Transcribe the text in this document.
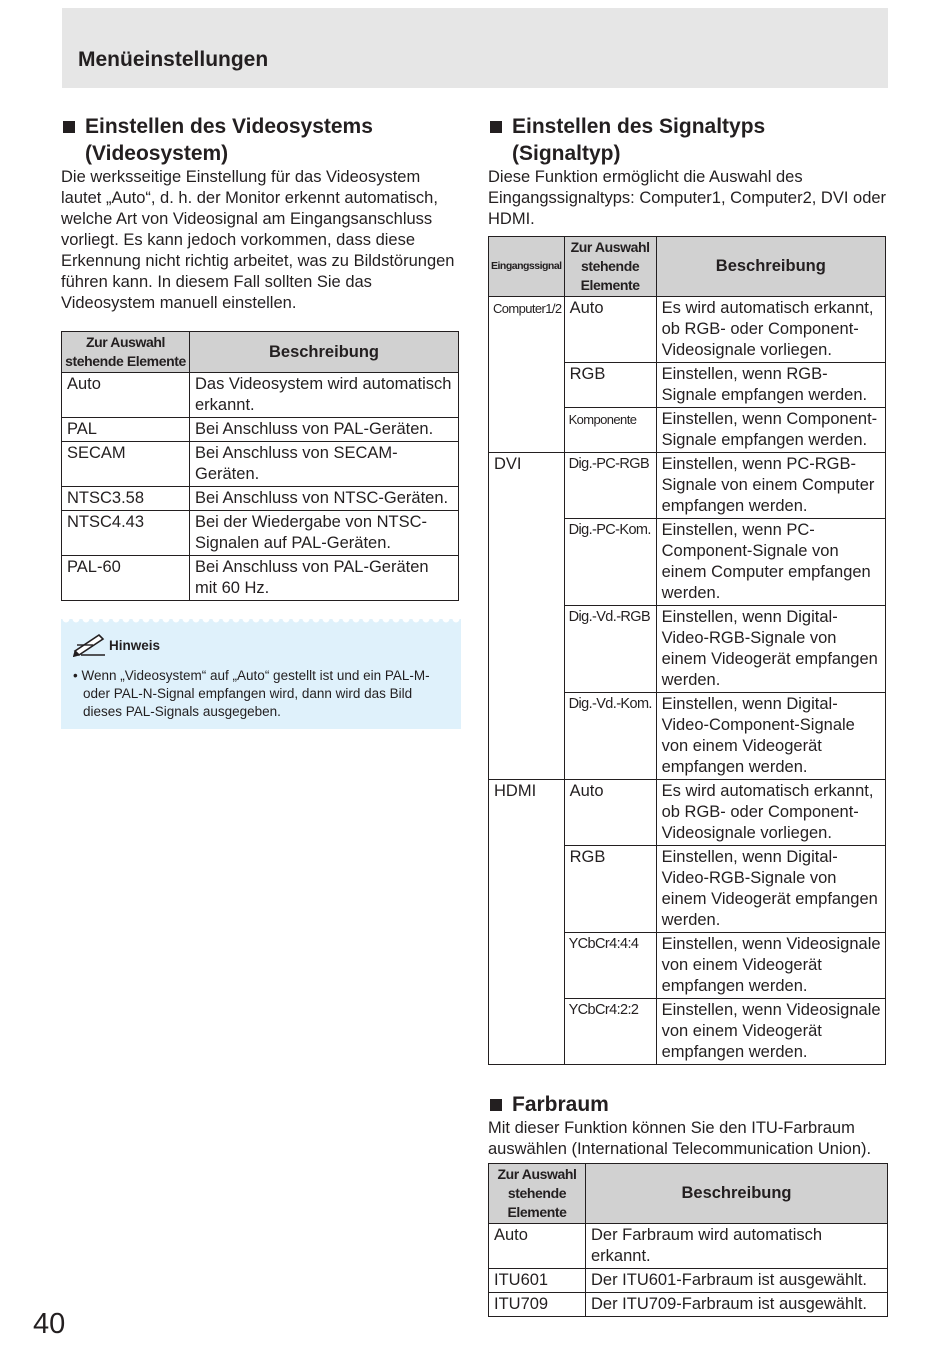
Menüeinstellungen
Einstellen des Videosystems
(Videosystem)

Die werksseitige Einstellung für das Videosystem lautet „Auto“, d. h. der Monitor erkennt automatisch, welche Art von Videosignal am Eingangsanschluss vorliegt. Es kann jedoch vorkommen, dass diese Erkennung nicht richtig arbeitet, was zu Bildstörungen führen kann. In diesem Fall sollten Sie das Videosystem manuell einstellen.

Zur Auswahl stehende Elemente	Beschreibung
Auto	Das Videosystem wird automatisch erkannt.
PAL	Bei Anschluss von PAL-Geräten.
SECAM	Bei Anschluss von SECAM-Geräten.
NTSC3.58	Bei Anschluss von NTSC-Geräten.
NTSC4.43	Bei der Wiedergabe von NTSC-Signalen auf PAL-Geräten.
PAL-60	Bei Anschluss von PAL-Geräten mit 60 Hz.
Hinweis

• Wenn „Videosystem“ auf „Auto“ gestellt ist und ein PAL-M- oder PAL-N-Signal empfangen wird, dann wird das Bild dieses PAL-Signals ausgegeben.

Einstellen des Signaltyps
(Signaltyp)

Diese Funktion ermöglicht die Auswahl des Eingangssignaltyps: Computer1, Computer2, DVI oder HDMI.

Eingangssignal	Zur Auswahl stehende Elemente	Beschreibung
Computer1/2	Auto	Es wird automatisch erkannt, ob RGB- oder Component-Videosignale vorliegen.
	RGB	Einstellen, wenn RGB-Signale empfangen werden.
	Komponente	Einstellen, wenn Component-Signale empfangen werden.
DVI	Dig.-PC-RGB	Einstellen, wenn PC-RGB-Signale von einem Computer empfangen werden.
	Dig.-PC-Kom.	Einstellen, wenn PC-Component-Signale von einem Computer empfangen werden.
	Dig.-Vd.-RGB	Einstellen, wenn Digital-Video-RGB-Signale von einem Videogerät empfangen werden.
	Dig.-Vd.-Kom.	Einstellen, wenn Digital-Video-Component-Signale von einem Videogerät empfangen werden.
HDMI	Auto	Es wird automatisch erkannt, ob RGB- oder Component-Videosignale vorliegen.
	RGB	Einstellen, wenn Digital-Video-RGB-Signale von einem Videogerät empfangen werden.
	YCbCr4:4:4	Einstellen, wenn Videosignale von einem Videogerät empfangen werden.
	YCbCr4:2:2	Einstellen, wenn Videosignale von einem Videogerät empfangen werden.
Farbraum

Mit dieser Funktion können Sie den ITU-Farbraum auswählen (International Telecommunication Union).

Zur Auswahl stehende Elemente	Beschreibung
Auto	Der Farbraum wird automatisch erkannt.
ITU601	Der ITU601-Farbraum ist ausgewählt.
ITU709	Der ITU709-Farbraum ist ausgewählt.
40
